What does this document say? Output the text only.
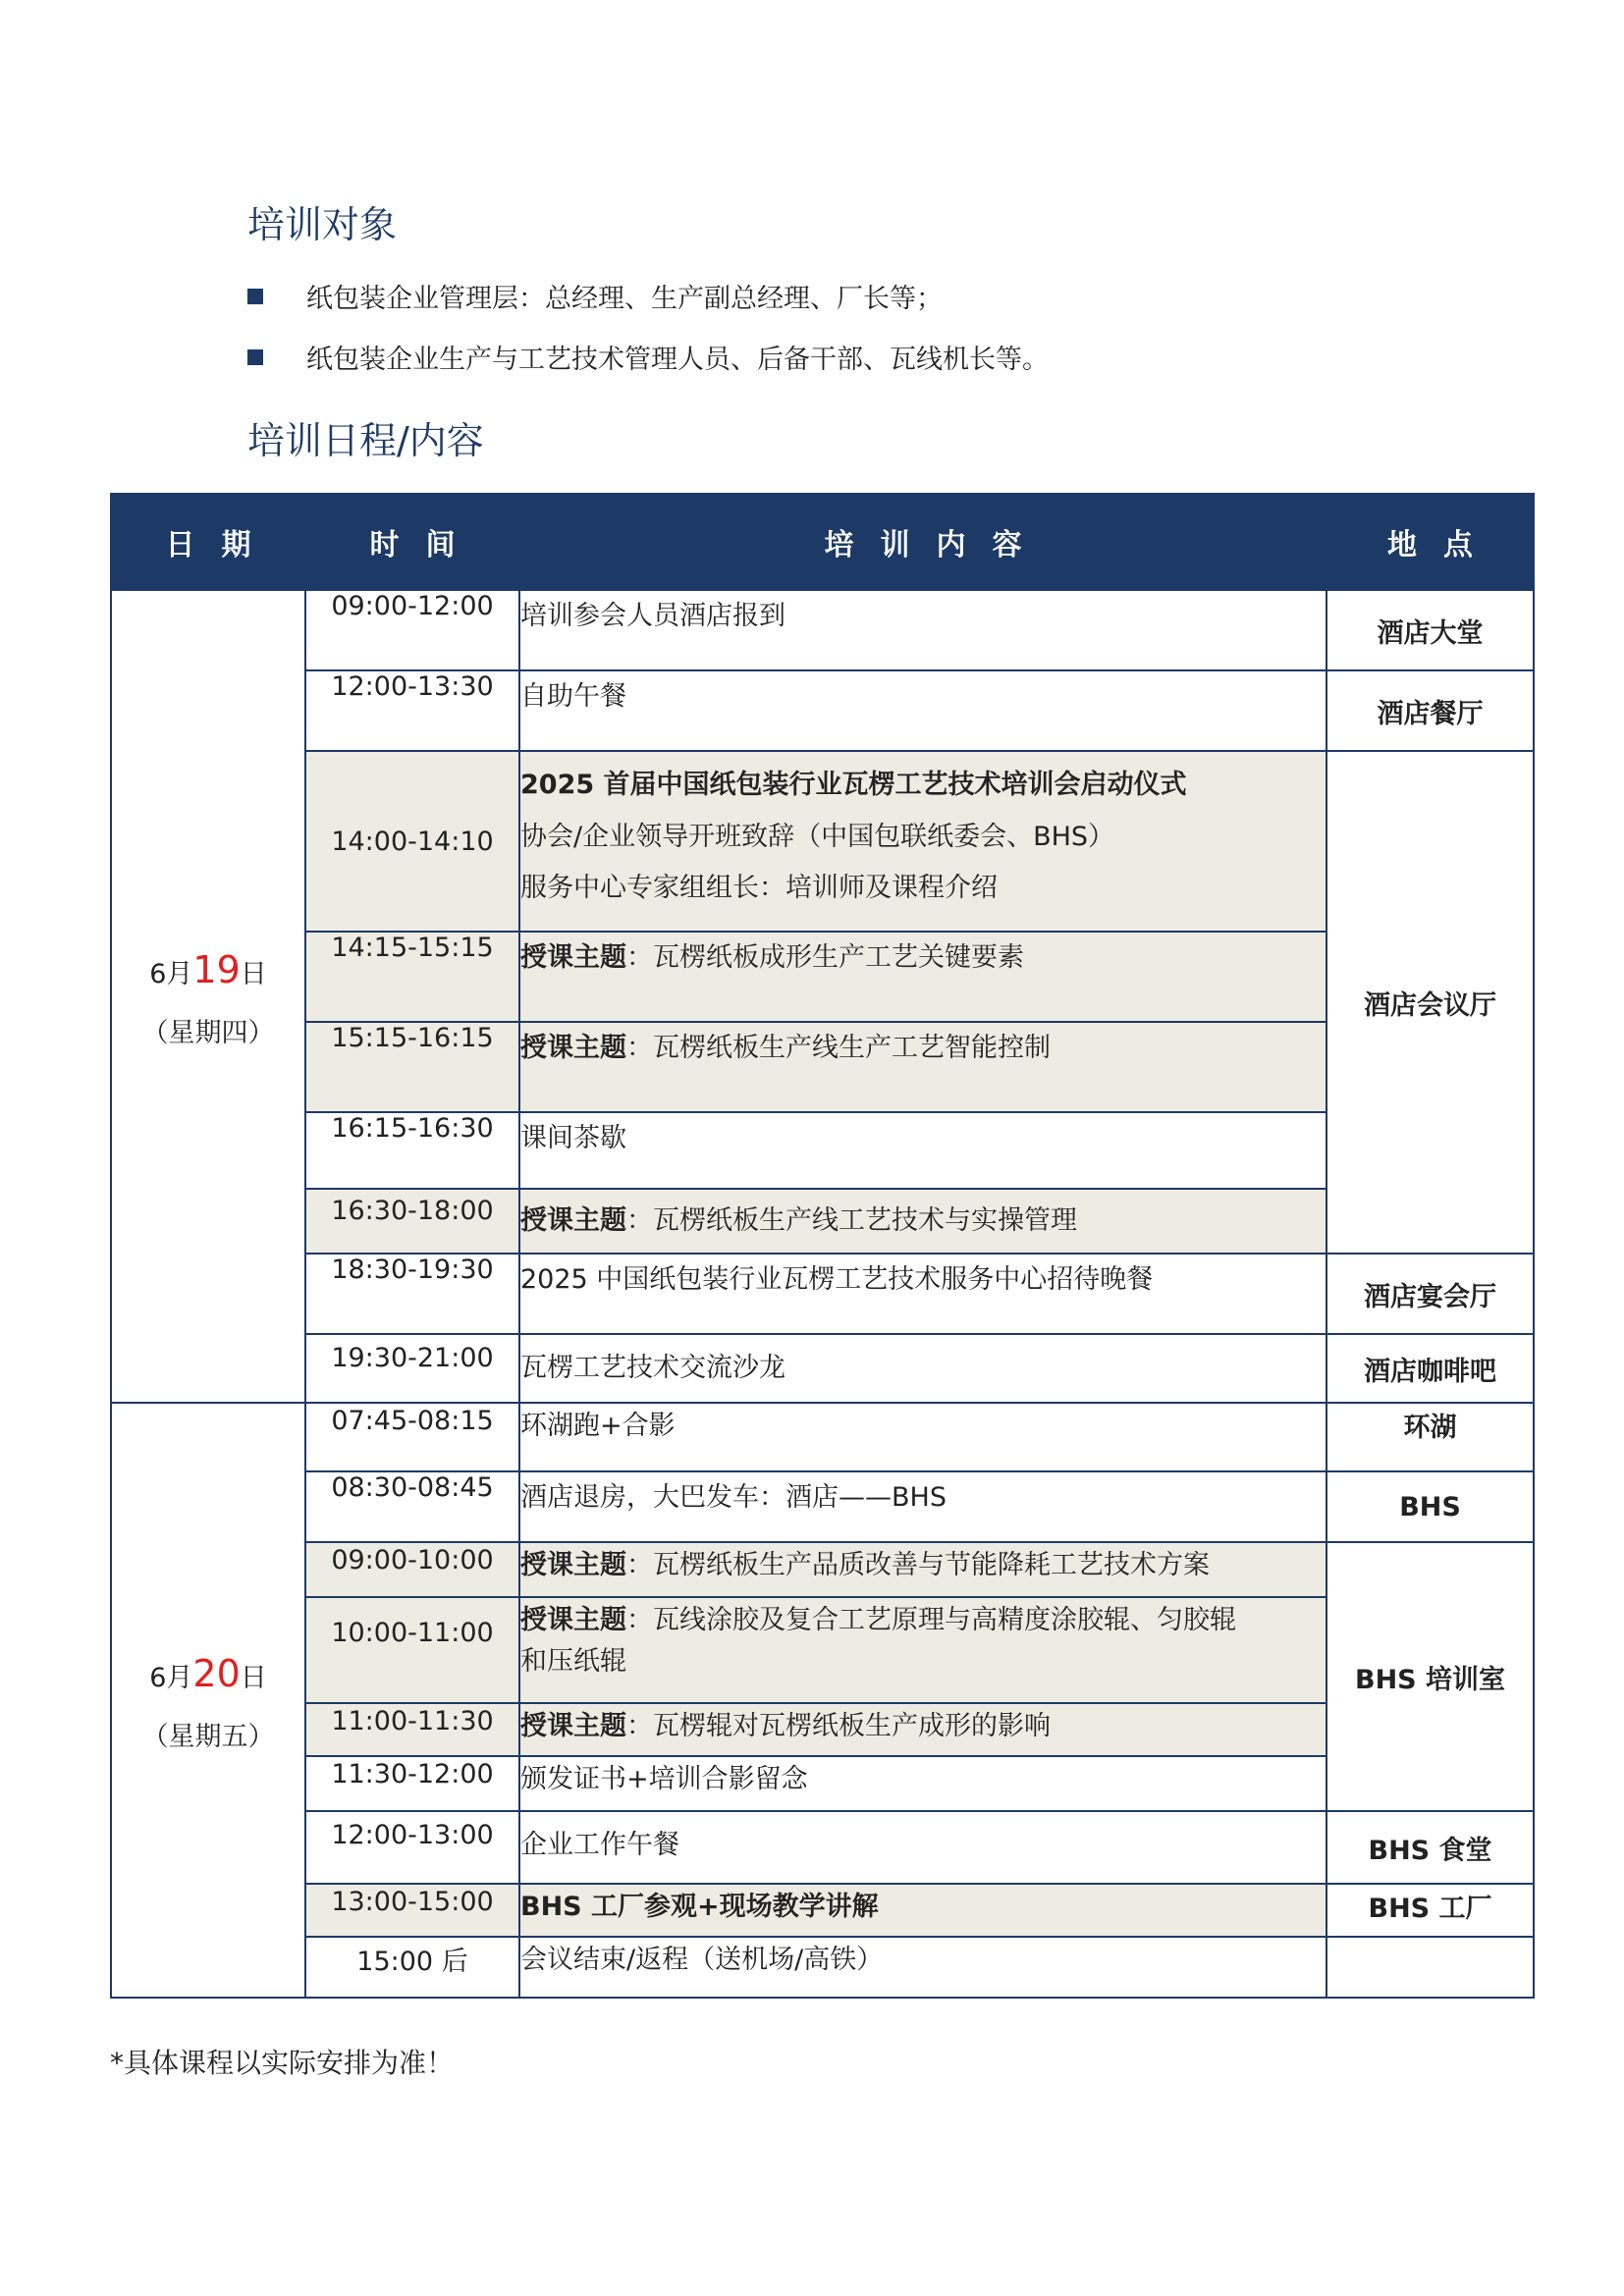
培训对象
纸包装企业管理层：总经理、生产副总经理、厂长等；
纸包装企业生产与工艺技术管理人员、后备干部、瓦线机长等。
培训日程/内容
日期	时间	培训内容	地点
6月19日
（星期四）	09:00-12:00	培训参会人员酒店报到	酒店大堂
	12:00-13:30	自助午餐	酒店餐厅
	14:00-14:10	2025 首届中国纸包装行业瓦楞工艺技术培训会启动仪式
协会/企业领导开班致辞（中国包联纸委会、BHS）
服务中心专家组组长：培训师及课程介绍	酒店会议厅
	14:15-15:15	授课主题：瓦楞纸板成形生产工艺关键要素	
	15:15-16:15	授课主题：瓦楞纸板生产线生产工艺智能控制	
	16:15-16:30	课间茶歇	
	16:30-18:00	授课主题：瓦楞纸板生产线工艺技术与实操管理	
	18:30-19:30	2025 中国纸包装行业瓦楞工艺技术服务中心招待晚餐	酒店宴会厅
	19:30-21:00	瓦楞工艺技术交流沙龙	酒店咖啡吧
6月20日
（星期五）	07:45-08:15	环湖跑+合影	环湖
	08:30-08:45	酒店退房，大巴发车：酒店——BHS	BHS
	09:00-10:00	授课主题：瓦楞纸板生产品质改善与节能降耗工艺技术方案	BHS 培训室
	10:00-11:00	授课主题：瓦线涂胶及复合工艺原理与高精度涂胶辊、匀胶辊
和压纸辊	

	11:00-11:30	授课主题：瓦楞辊对瓦楞纸板生产成形的影响	
	11:30-12:00	颁发证书+培训合影留念	
	12:00-13:00	企业工作午餐	BHS 食堂
	13:00-15:00	BHS 工厂参观+现场教学讲解	BHS 工厂
	15:00 后	会议结束/返程（送机场/高铁）	
*具体课程以实际安排为准！
